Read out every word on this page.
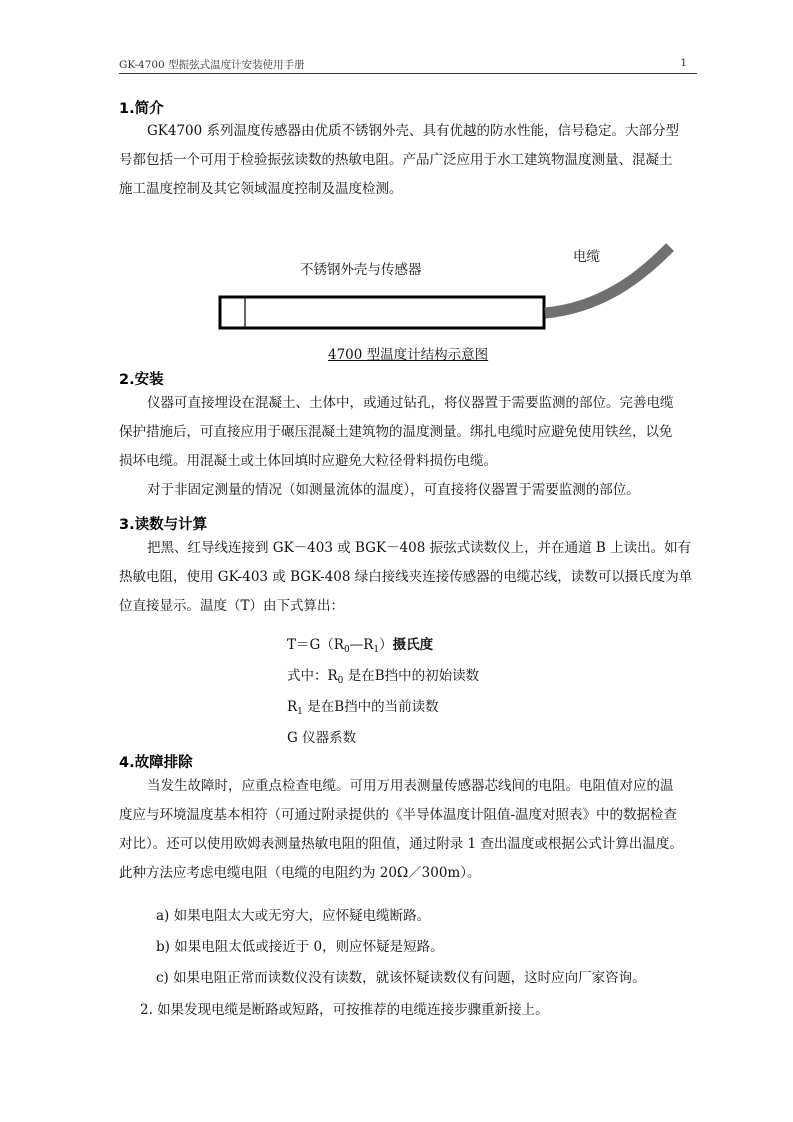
GK-4700 型振弦式温度计安装使用手册	1
1.简介
GK4700 系列温度传感器由优质不锈钢外壳、具有优越的防水性能，信号稳定。大部分型
号都包括一个可用于检验振弦读数的热敏电阻。产品广泛应用于水工建筑物温度测量、混凝土
施工温度控制及其它领域温度控制及温度检测。
不锈钢外壳与传感器
电缆
4700 型温度计结构示意图
2.安装
仪器可直接埋设在混凝土、土体中，或通过钻孔，将仪器置于需要监测的部位。完善电缆
保护措施后，可直接应用于碾压混凝土建筑物的温度测量。绑扎电缆时应避免使用铁丝，以免
损坏电缆。用混凝土或土体回填时应避免大粒径骨料损伤电缆。
对于非固定测量的情况（如测量流体的温度），可直接将仪器置于需要监测的部位。
3.读数与计算
把黑、红导线连接到 GK－403 或 BGK－408 振弦式读数仪上，并在通道 B 上读出。如有
热敏电阻，使用 GK-403 或 BGK-408 绿白接线夹连接传感器的电缆芯线，读数可以摄氏度为单
位直接显示。温度（T）由下式算出：
$T=G(R_0—R_1)$摄氏度
式中：$R_0$ 是在B挡中的初始读数
$R_1$ 是在B挡中的当前读数
G 仪器系数
4.故障排除
当发生故障时，应重点检查电缆。可用万用表测量传感器芯线间的电阻。电阻值对应的温
度应与环境温度基本相符（可通过附录提供的《半导体温度计阻值-温度对照表》中的数据检查
对比）。还可以使用欧姆表测量热敏电阻的阻值，通过附录 1 查出温度或根据公式计算出温度。
此种方法应考虑电缆电阻（电缆的电阻约为 20Ω／300m）。
a) 如果电阻太大或无穷大，应怀疑电缆断路。
b) 如果电阻太低或接近于 0，则应怀疑是短路。
c) 如果电阻正常而读数仪没有读数，就该怀疑读数仪有问题，这时应向厂家咨询。
2. 如果发现电缆是断路或短路，可按推荐的电缆连接步骤重新接上。
